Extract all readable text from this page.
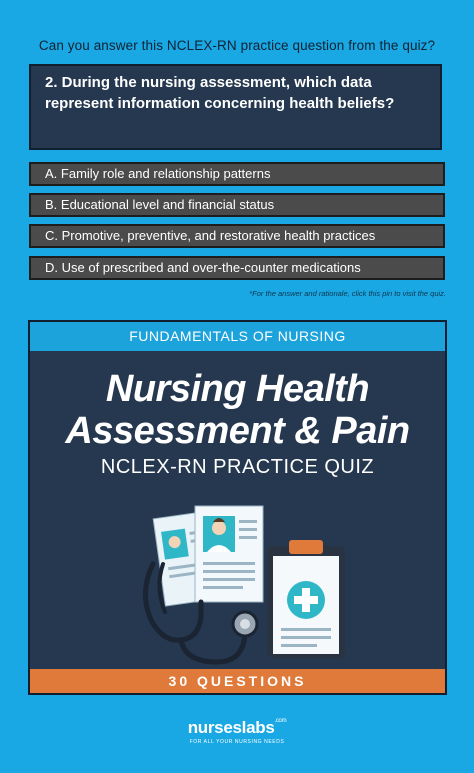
Can you answer this NCLEX-RN practice question from the quiz?
2. During the nursing assessment, which data represent information concerning health beliefs?
A. Family role and relationship patterns
B. Educational level and financial status
C. Promotive, preventive, and restorative health practices
D. Use of prescribed and over-the-counter medications
*For the answer and rationale, click this pin to visit the quiz.
FUNDAMENTALS OF NURSING
Nursing Health
Assessment & Pain
NCLEX-RN PRACTICE QUIZ
30 QUESTIONS
nurseslabs$^{.com}$
FOR ALL YOUR NURSING NEEDS
